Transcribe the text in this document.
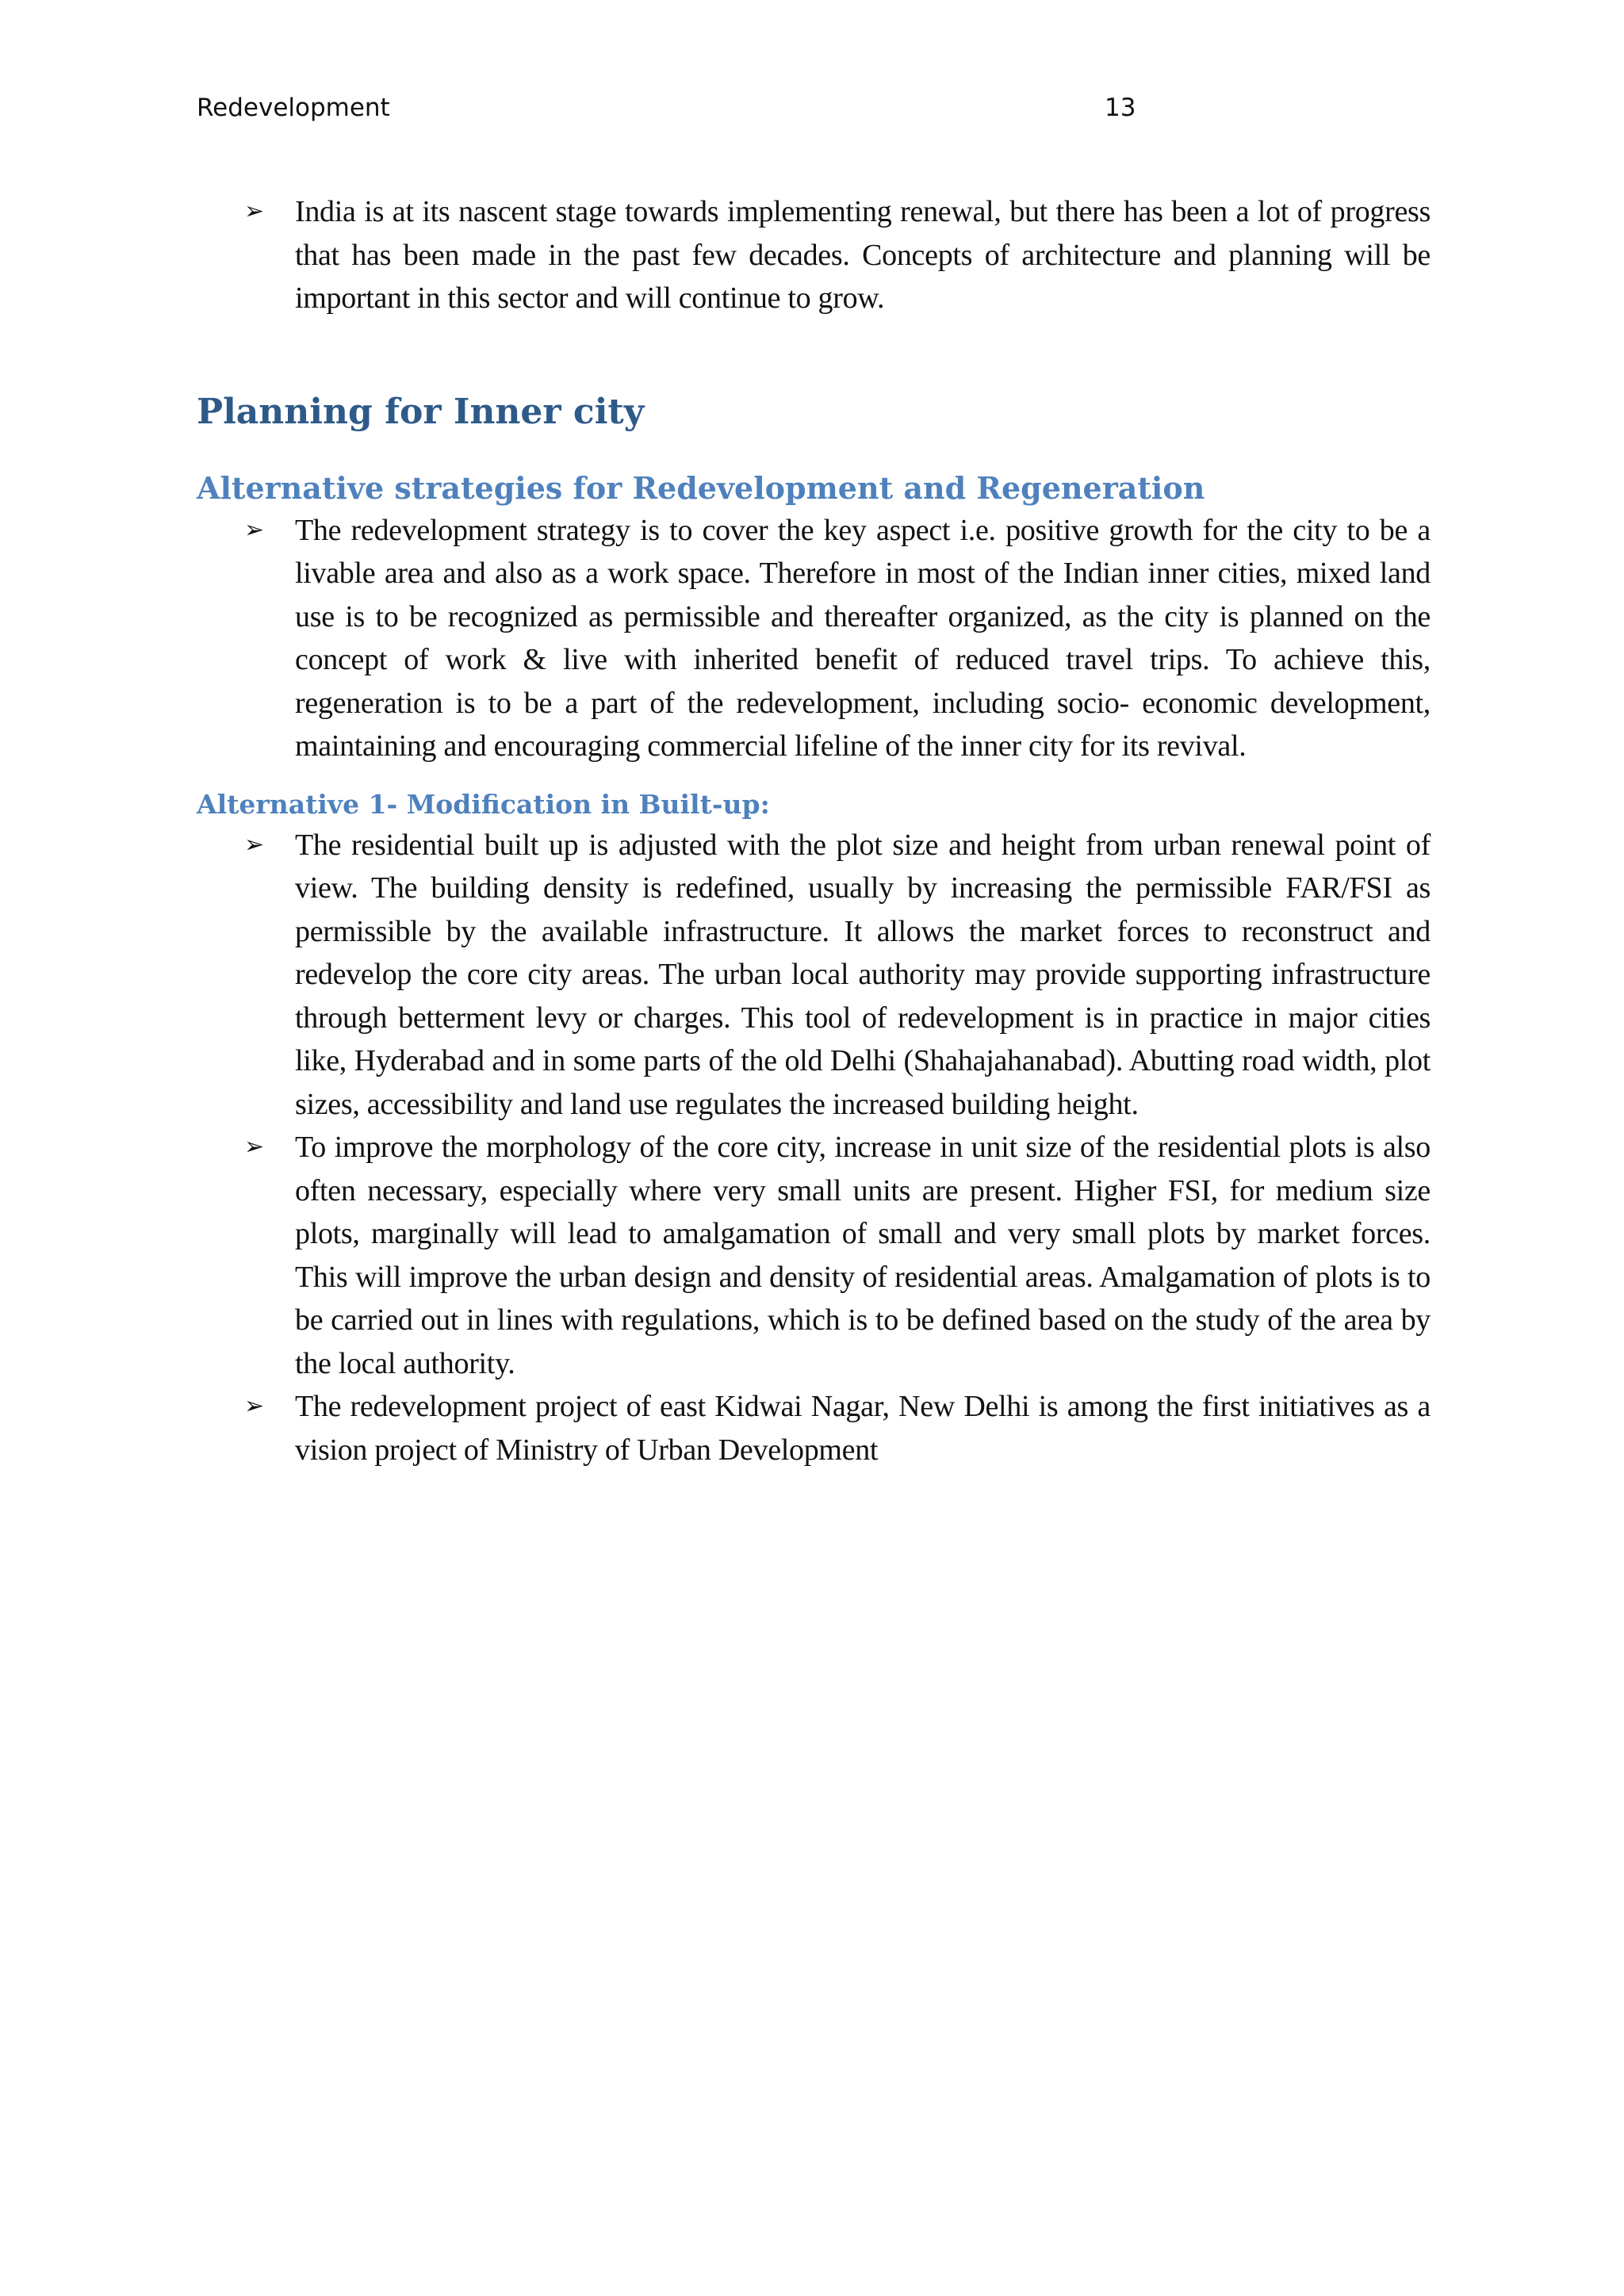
Redevelopment	13
➢	India is at its nascent stage towards implementing renewal, but there has been a lot of progress that has been made in the past few decades. Concepts of architecture and planning will be important in this sector and will continue to grow.
Planning for Inner city
Alternative strategies for Redevelopment and Regeneration
➢	The redevelopment strategy is to cover the key aspect i.e. positive growth for the city to be a livable area and also as a work space. Therefore in most of the Indian inner cities, mixed land use is to be recognized as permissible and thereafter organized, as the city is planned on the concept of work & live with inherited benefit of reduced travel trips. To achieve this, regeneration is to be a part of the redevelopment, including socio- economic development, maintaining and encouraging commercial lifeline of the inner city for its revival.
Alternative 1- Modification in Built-up:
➢	The residential built up is adjusted with the plot size and height from urban renewal point of view. The building density is redefined, usually by increasing the permissible FAR/FSI as permissible by the available infrastructure. It allows the market forces to reconstruct and redevelop the core city areas. The urban local authority may provide supporting infrastructure through betterment levy or charges. This tool of redevelopment is in practice in major cities like, Hyderabad and in some parts of the old Delhi (Shahajahanabad). Abutting road width, plot sizes, accessibility and land use regulates the increased building height.
➢	To improve the morphology of the core city, increase in unit size of the residential plots is also often necessary, especially where very small units are present. Higher FSI, for medium size plots, marginally will lead to amalgamation of small and very small plots by market forces. This will improve the urban design and density of residential areas. Amalgamation of plots is to be carried out in lines with regulations, which is to be defined based on the study of the area by the local authority.
➢	The redevelopment project of east Kidwai Nagar, New Delhi is among the first initiatives as a vision project of Ministry of Urban Development
